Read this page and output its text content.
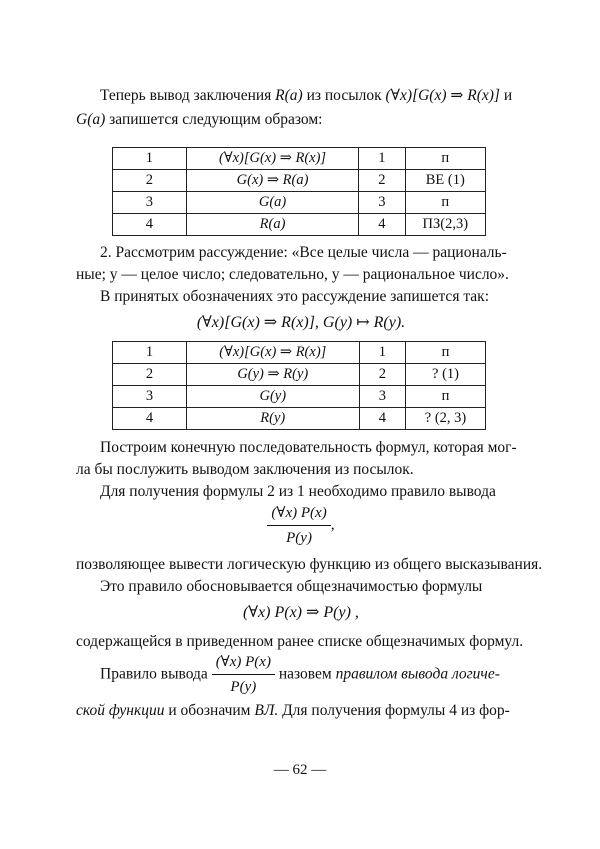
Теперь вывод заключения R(a) из посылок (∀x)[G(x) ⇒ R(x)] и
G(a) запишется следующим образом:
1	(∀x)[G(x) ⇒ R(x)]	1	п
2	G(x) ⇒ R(a)	2	ВЕ (1)
3	G(a)	3	п
4	R(a)	4	ПЗ(2,3)
2. Рассмотрим рассуждение: «Все целые числа — рациональ-
ные; y — целое число; следовательно, y — рациональное число».
В принятых обозначениях это рассуждение запишется так:
(∀x)[G(x) ⇒ R(x)], G(y) ↦ R(y).
1	(∀x)[G(x) ⇒ R(x)]	1	п
2	G(y) ⇒ R(y)	2	? (1)
3	G(y)	3	п
4	R(y)	4	? (2, 3)
Построим конечную последовательность формул, которая мог-
ла бы послужить выводом заключения из посылок.
Для получения формулы 2 из 1 необходимо правило вывода
$\frac{(\forall x) P(x)}{P(y)}$ ,
позволяющее вывести логическую функцию из общего высказывания.
Это правило обосновывается общезначимостью формулы
(∀x) P(x) ⇒ P(y) ,
содержащейся в приведенном ранее списке общезначимых формул.
Правило вывода $\frac{(\forall x) P(x)}{P(y)}$ назовем правилом вывода логиче-
ской функции и обозначим ВЛ. Для получения формулы 4 из фор-
— 62 —
